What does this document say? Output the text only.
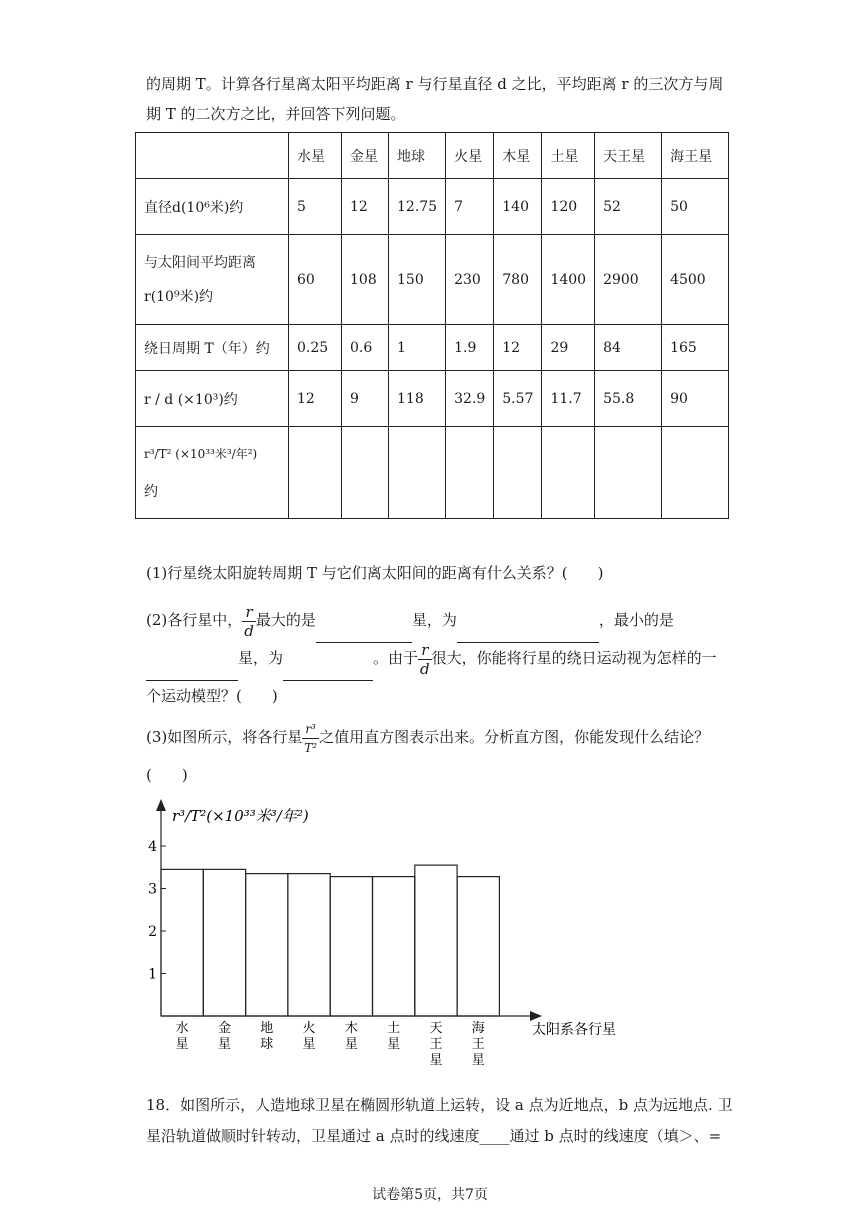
的周期 T。计算各行星离太阳平均距离 r 与行星直径 d 之比，平均距离 r 的三次方与周
期 T 的二次方之比，并回答下列问题。
	水星	金星	地球	火星	木星	土星	天王星	海王星
直径d(10⁶米)约	5	12	12.75	7	140	120	52	50

与太阳间平均距离
r(10⁹米)约	60	108	150	230	780	1400	2900	4500
绕日周期 T（年）约	0.25	0.6	1	1.9	12	29	84	165
r / d (×10³)约	12	9	118	32.9	5.57	11.7	55.8	90

r³/T² (×10³³米³/年²)
约								

(1)行星绕太阳旋转周期 T 与它们离太阳间的距离有什么关系？(　　)
(2)各行星中， $\frac{r}{d}$ 最大的是	星，为	，最小的是
星，为	。由于 $\frac{r}{d}$ 很大，你能将行星的绕日运动视为怎样的一
个运动模型？(　　)
(3)如图所示，将各行星 $\frac{\text{r³}}{\text{T²}}$ 之值用直方图表示出来。分析直方图，你能发现什么结论？
(　　)
r³/T²(×10³³米³/年²)
太阳系各行星
1
2
3
4
水
星
金
星
地
球
火
星
木
星
土
星
天
王
星
海
王
星
18．如图所示，人造地球卫星在椭圆形轨道上运转，设 a 点为近地点，b 点为远地点. 卫
星沿轨道做顺时针转动，卫星通过 a 点时的线速度____通过 b 点时的线速度（填＞、=
试卷第5页，共7页
